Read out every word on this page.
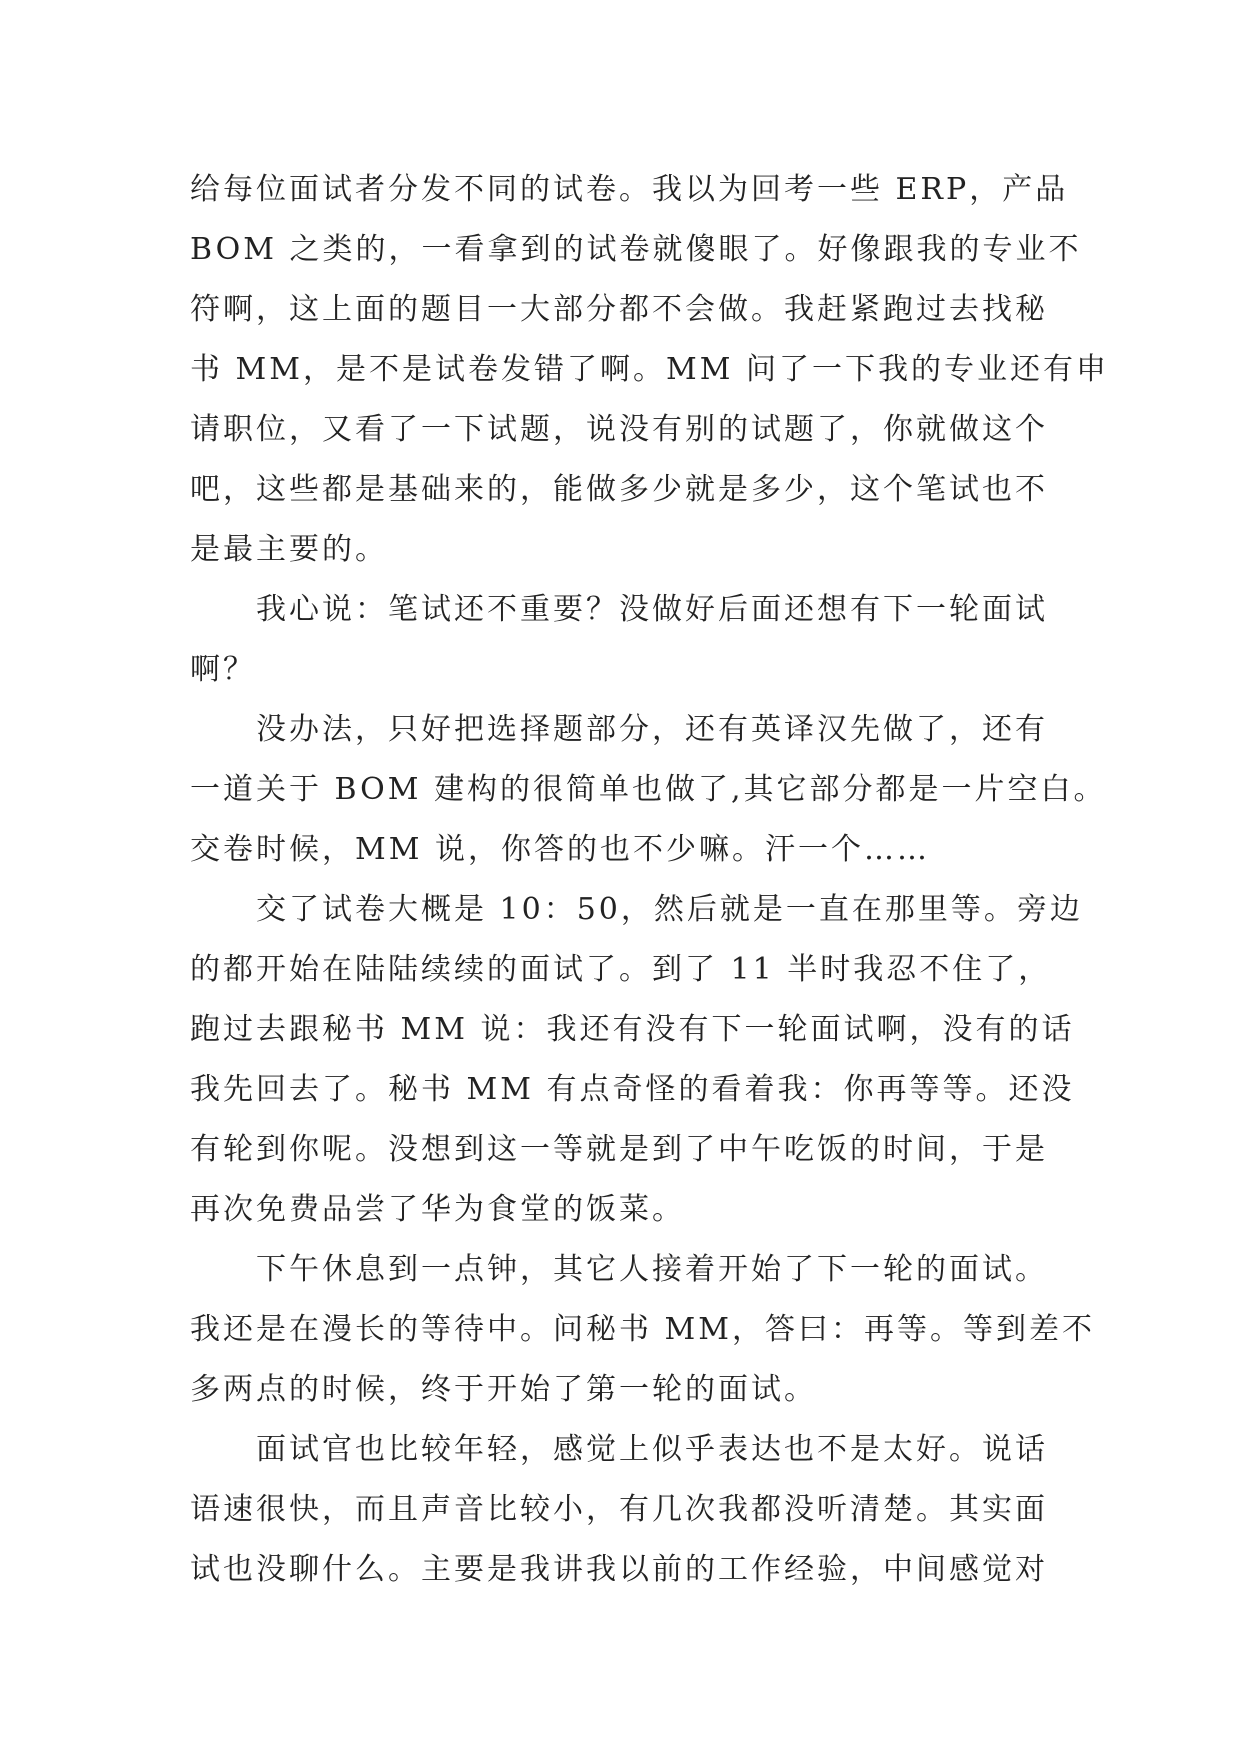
给每位面试者分发不同的试卷。我以为回考一些 ERP，产品
BOM 之类的，一看拿到的试卷就傻眼了。好像跟我的专业不
符啊，这上面的题目一大部分都不会做。我赶紧跑过去找秘
书 MM，是不是试卷发错了啊。MM 问了一下我的专业还有申
请职位，又看了一下试题，说没有别的试题了，你就做这个
吧，这些都是基础来的，能做多少就是多少，这个笔试也不
是最主要的。
我心说：笔试还不重要？没做好后面还想有下一轮面试
啊？
没办法，只好把选择题部分，还有英译汉先做了，还有
一道关于 BOM 建构的很简单也做了,其它部分都是一片空白。
交卷时候，MM 说，你答的也不少嘛。汗一个……
交了试卷大概是 10：50，然后就是一直在那里等。旁边
的都开始在陆陆续续的面试了。到了 11 半时我忍不住了，
跑过去跟秘书 MM 说：我还有没有下一轮面试啊，没有的话
我先回去了。秘书 MM 有点奇怪的看着我：你再等等。还没
有轮到你呢。没想到这一等就是到了中午吃饭的时间，于是
再次免费品尝了华为食堂的饭菜。
下午休息到一点钟，其它人接着开始了下一轮的面试。
我还是在漫长的等待中。问秘书 MM，答曰：再等。等到差不
多两点的时候，终于开始了第一轮的面试。
面试官也比较年轻，感觉上似乎表达也不是太好。说话
语速很快，而且声音比较小，有几次我都没听清楚。其实面
试也没聊什么。主要是我讲我以前的工作经验，中间感觉对
